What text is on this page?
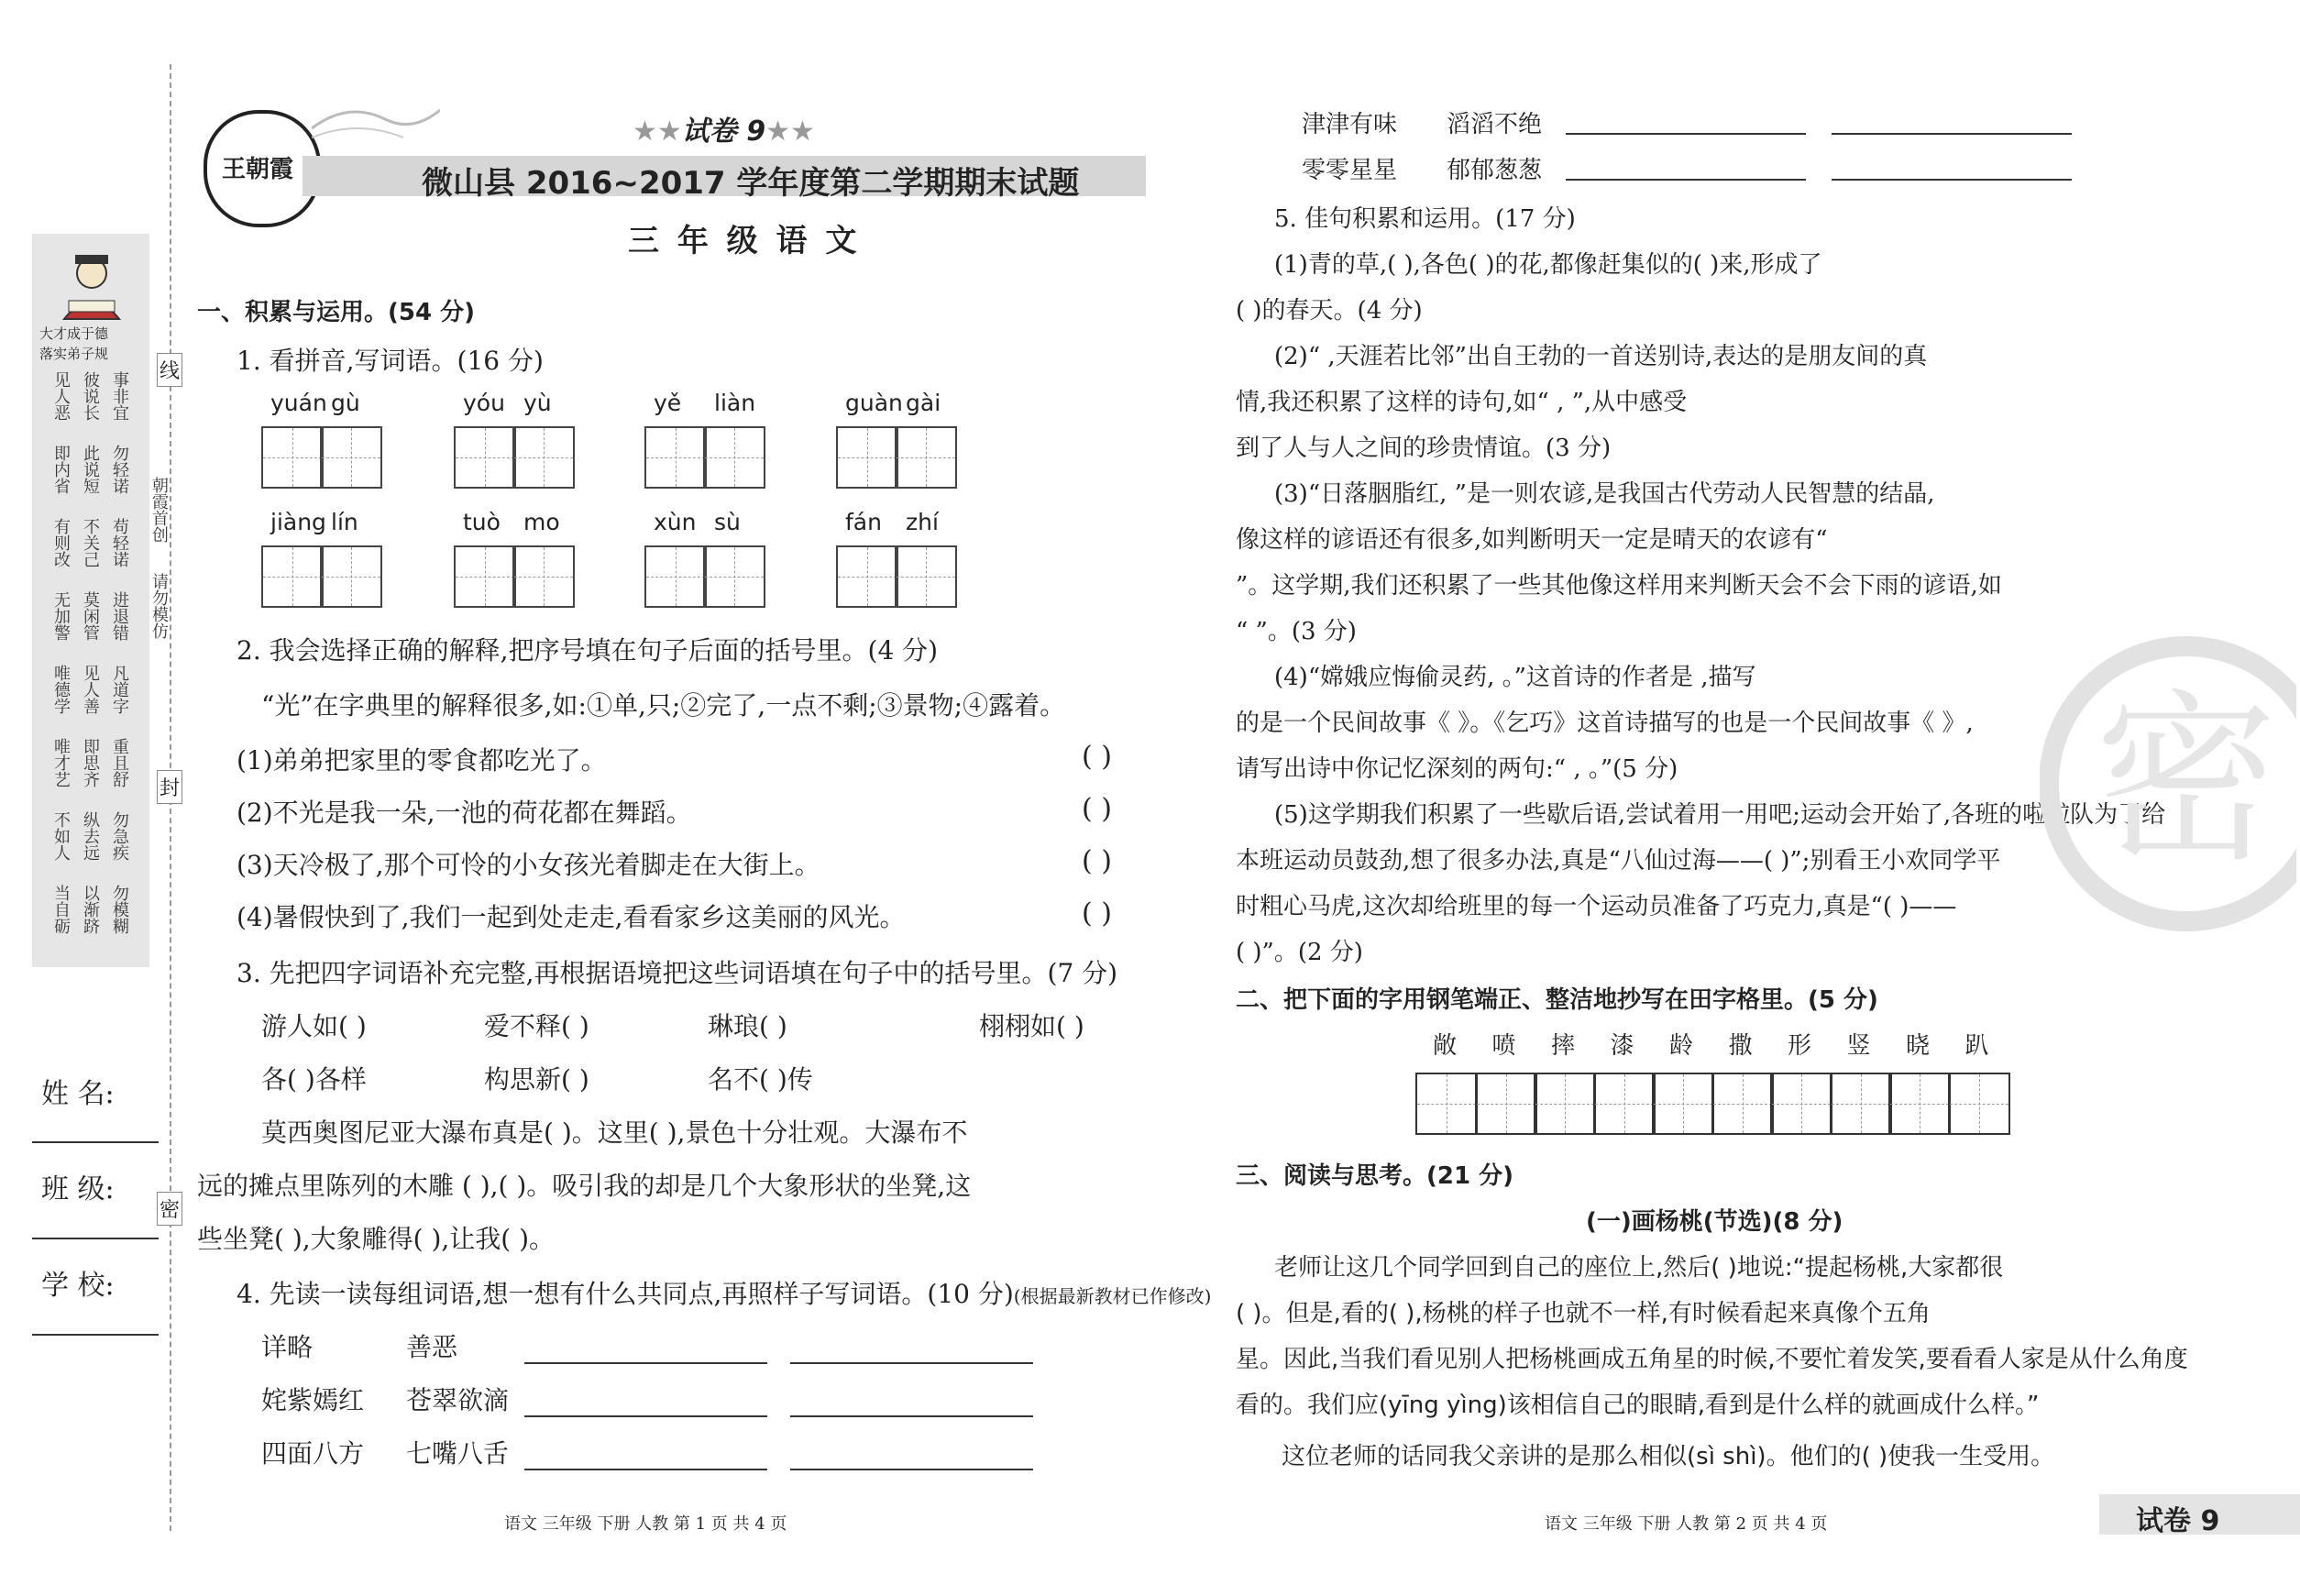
线
封
密
朝霞首创
请勿模仿
大才成于德
落实弟子规
见人恶 彼说长 事非宜
即内省 此说短 勿轻诺
有则改 不关己 苟轻诺
无加警 莫闲管 进退错
唯德学 见人善 凡道字
唯才艺 即思齐 重且舒
不如人 纵去远 勿急疾
当自砺 以渐跻 勿模糊
姓 名:
班 级:
学 校:
王朝霞
★★试卷 9★★
微山县 2016~2017 学年度第二学期期末试题
三 年 级 语 文
一、积累与运用。(54 分)
1. 看拼音,写词语。(16 分)
yuán gù	yóu yù	yě liàn	guàn gài
jiàng lín	tuò mo	xùn sù	fán zhí
2. 我会选择正确的解释,把序号填在句子后面的括号里。(4 分)
“光”在字典里的解释很多,如:①单,只;②完了,一点不剩;③景物;④露着。
(1)弟弟把家里的零食都吃光了。	( )
(2)不光是我一朵,一池的荷花都在舞蹈。	( )
(3)天冷极了,那个可怜的小女孩光着脚走在大街上。	( )
(4)暑假快到了,我们一起到处走走,看看家乡这美丽的风光。	( )
3. 先把四字词语补充完整,再根据语境把这些词语填在句子中的括号里。(7 分)
游人如( )	爱不释( )	琳琅( )	栩栩如( )
各( )各样	构思新( )	名不( )传
莫西奥图尼亚大瀑布真是( )。这里( ),景色十分壮观。大瀑布不
远的摊点里陈列的木雕 ( ),( )。吸引我的却是几个大象形状的坐凳,这
些坐凳( ),大象雕得( ),让我( )。
4. 先读一读每组词语,想一想有什么共同点,再照样子写词语。(10 分)(根据最新教材已作修改)
详略	善恶
姹紫嫣红 苍翠欲滴
四面八方 七嘴八舌
语文 三年级 下册 人教 第 1 页 共 4 页
津津有味 滔滔不绝
零零星星 郁郁葱葱
5. 佳句积累和运用。(17 分)
(1)青的草,( ),各色( )的花,都像赶集似的( )来,形成了
( )的春天。(4 分)
(2)“ ,天涯若比邻”出自王勃的一首送别诗,表达的是朋友间的真
情,我还积累了这样的诗句,如“ , ”,从中感受
到了人与人之间的珍贵情谊。(3 分)
(3)“日落胭脂红, ”是一则农谚,是我国古代劳动人民智慧的结晶,
像这样的谚语还有很多,如判断明天一定是晴天的农谚有“
”。这学期,我们还积累了一些其他像这样用来判断天会不会下雨的谚语,如
“ ”。(3 分)
(4)“嫦娥应悔偷灵药, 。”这首诗的作者是 ,描写
的是一个民间故事《 》。《乞巧》这首诗描写的也是一个民间故事《 》,
请写出诗中你记忆深刻的两句:“ , 。”(5 分)
(5)这学期我们积累了一些歇后语,尝试着用一用吧;运动会开始了,各班的啦啦队为了给
本班运动员鼓劲,想了很多办法,真是“八仙过海——( )”;别看王小欢同学平
时粗心马虎,这次却给班里的每一个运动员准备了巧克力,真是“( )——
( )”。(2 分)
密
二、把下面的字用钢笔端正、整洁地抄写在田字格里。(5 分)
敞 喷 摔 漆 龄 撒 形 竖 晓 趴
三、阅读与思考。(21 分)
(一)画杨桃(节选)(8 分)
老师让这几个同学回到自己的座位上,然后( )地说:“提起杨桃,大家都很
( )。但是,看的( ),杨桃的样子也就不一样,有时候看起来真像个五角
星。因此,当我们看见别人把杨桃画成五角星的时候,不要忙着发笑,要看看人家是从什么角度
看的。我们应(yīng yìng)该相信自己的眼睛,看到是什么样的就画成什么样。”
这位老师的话同我父亲讲的是那么相似(sì shì)。他们的( )使我一生受用。
语文 三年级 下册 人教 第 2 页 共 4 页	试卷 9
